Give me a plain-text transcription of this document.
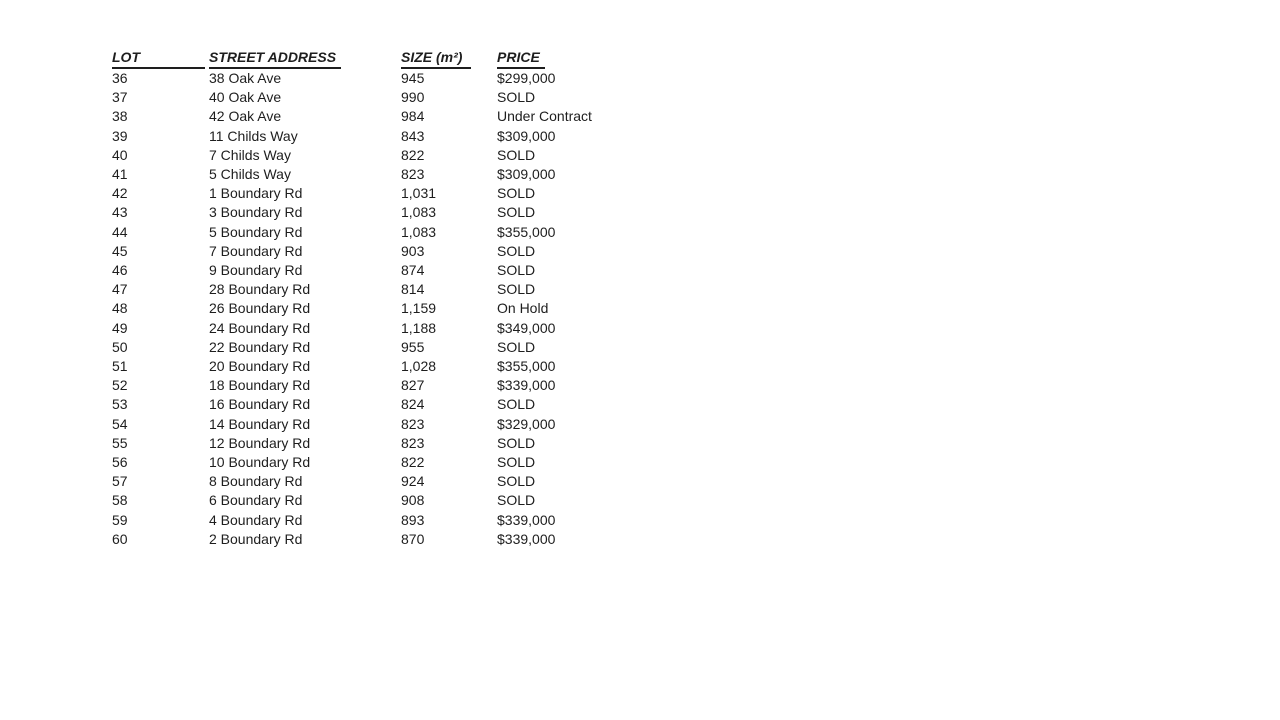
LOT	STREET ADDRESS	SIZE (m²)	PRICE
36	38 Oak Ave	945	$299,000
37	40 Oak Ave	990	SOLD
38	42 Oak Ave	984	Under Contract
39	11 Childs Way	843	$309,000
40	7 Childs Way	822	SOLD
41	5 Childs Way	823	$309,000
42	1 Boundary Rd	1,031	SOLD
43	3 Boundary Rd	1,083	SOLD
44	5 Boundary Rd	1,083	$355,000
45	7 Boundary Rd	903	SOLD
46	9 Boundary Rd	874	SOLD
47	28 Boundary Rd	814	SOLD
48	26 Boundary Rd	1,159	On Hold
49	24 Boundary Rd	1,188	$349,000
50	22 Boundary Rd	955	SOLD
51	20 Boundary Rd	1,028	$355,000
52	18 Boundary Rd	827	$339,000
53	16 Boundary Rd	824	SOLD
54	14 Boundary Rd	823	$329,000
55	12 Boundary Rd	823	SOLD
56	10 Boundary Rd	822	SOLD
57	8 Boundary Rd	924	SOLD
58	6 Boundary Rd	908	SOLD
59	4 Boundary Rd	893	$339,000
60	2 Boundary Rd	870	$339,000
